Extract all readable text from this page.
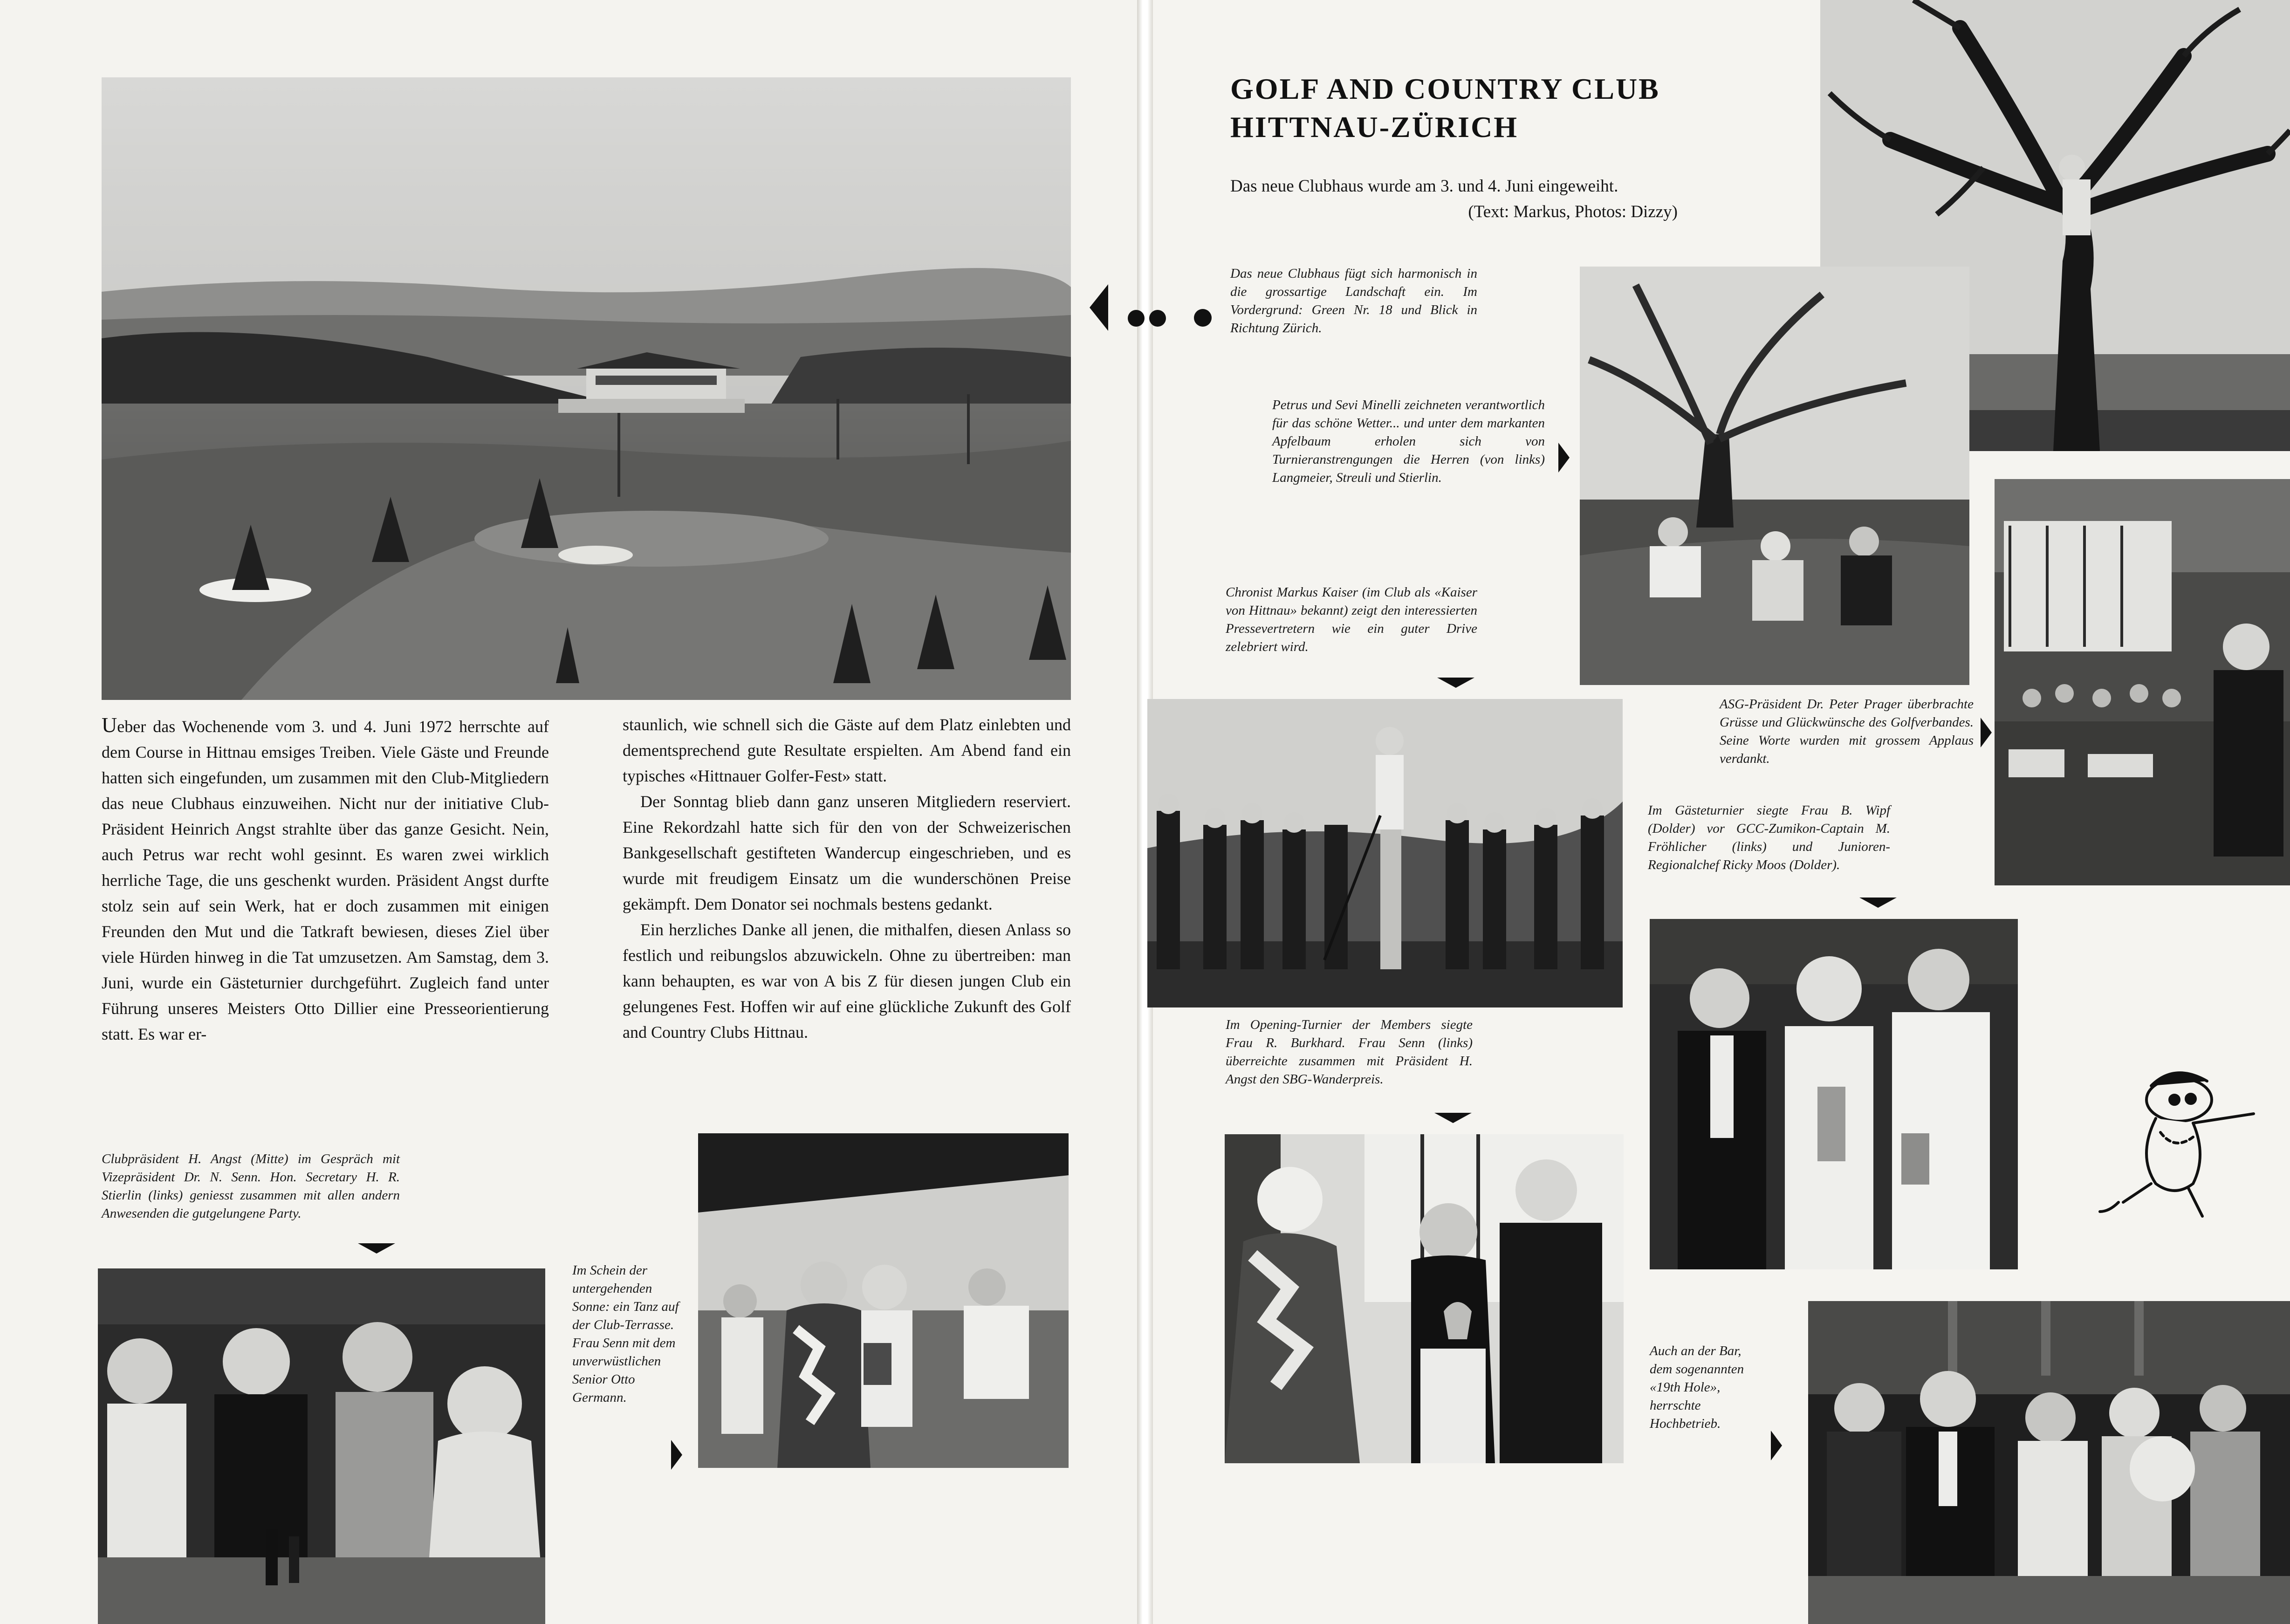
Ueber das Wochenende vom 3. und 4. Juni 1972 herrschte auf dem Course in Hittnau emsiges Treiben. Viele Gäste und Freunde hatten sich eingefunden, um zusammen mit den Club-Mitgliedern das neue Clubhaus einzuweihen. Nicht nur der initiative Club-Präsident Heinrich Angst strahlte über das ganze Gesicht. Nein, auch Petrus war recht wohl gesinnt. Es waren zwei wirklich herrliche Tage, die uns geschenkt wurden. Präsident Angst durfte stolz sein auf sein Werk, hat er doch zusammen mit einigen Freunden den Mut und die Tatkraft bewiesen, dieses Ziel über viele Hürden hinweg in die Tat umzusetzen. Am Samstag, dem 3. Juni, wurde ein Gästeturnier durchgeführt. Zugleich fand unter Führung unseres Meisters Otto Dillier eine Presseorientierung statt. Es war er-

staunlich, wie schnell sich die Gäste auf dem Platz einlebten und dementsprechend gute Resultate erspielten. Am Abend fand ein typisches «Hittnauer Golfer-Fest» statt.

Der Sonntag blieb dann ganz unseren Mitgliedern reserviert. Eine Rekordzahl hatte sich für den von der Schweizerischen Bankgesellschaft gestifteten Wandercup eingeschrieben, und es wurde mit freudigem Einsatz um die wunderschönen Preise gekämpft. Dem Donator sei nochmals bestens gedankt.

Ein herzliches Danke all jenen, die mithalfen, diesen Anlass so festlich und reibungslos abzuwickeln. Ohne zu übertreiben: man kann behaupten, es war von A bis Z für diesen jungen Club ein gelungenes Fest. Hoffen wir auf eine glückliche Zukunft des Golf and Country Clubs Hittnau.

Clubpräsident H. Angst (Mitte) im Gespräch mit Vizepräsident Dr. N. Senn. Hon. Secretary H. R. Stierlin (links) geniesst zusammen mit allen andern Anwesenden die gutgelungene Party.

Im Schein der untergehenden Sonne: ein Tanz auf der Club-Terrasse. Frau Senn mit dem unverwüstlichen Senior Otto Germann.

GOLF AND COUNTRY CLUB
HITTNAU-ZÜRICH

Das neue Clubhaus wurde am 3. und 4. Juni eingeweiht.
(Text: Markus, Photos: Dizzy)

Das neue Clubhaus fügt sich harmonisch in die grossartige Landschaft ein. Im Vordergrund: Green Nr. 18 und Blick in Richtung Zürich.

Petrus und Sevi Minelli zeichneten verantwortlich für das schöne Wetter... und unter dem markanten Apfelbaum erholen sich von Turnieranstrengungen die Herren (von links) Langmeier, Streuli und Stierlin.

Chronist Markus Kaiser (im Club als «Kaiser von Hittnau» bekannt) zeigt den interessierten Pressevertretern wie ein guter Drive zelebriert wird.

ASG-Präsident Dr. Peter Prager überbrachte Grüsse und Glückwünsche des Golfverbandes. Seine Worte wurden mit grossem Applaus verdankt.

Im Gästeturnier siegte Frau B. Wipf (Dolder) vor GCC-Zumikon-Captain M. Fröhlicher (links) und Junioren-Regionalchef Ricky Moos (Dolder).

Im Opening-Turnier der Members siegte Frau R. Burkhard. Frau Senn (links) überreichte zusammen mit Präsident H. Angst den SBG-Wanderpreis.

Auch an der Bar, dem sogenannten «19th Hole», herrschte Hochbetrieb.
